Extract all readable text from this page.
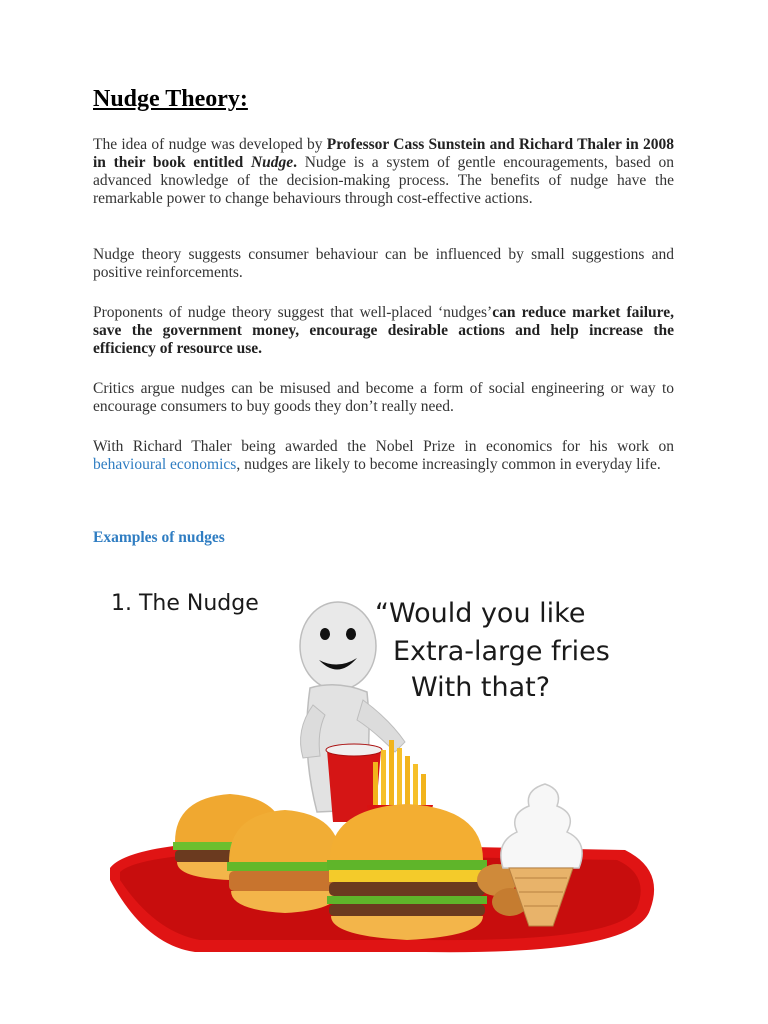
Nudge Theory:

The idea of nudge was developed by Professor Cass Sunstein and Richard Thaler in 2008 in their book entitled Nudge. Nudge is a system of gentle encouragements, based on advanced knowledge of the decision-making process. The benefits of nudge have the remarkable power to change behaviours through cost-effective actions.

Nudge theory suggests consumer behaviour can be influenced by small suggestions and positive reinforcements.

Proponents of nudge theory suggest that well-placed ‘nudges’can reduce market failure, save the government money, encourage desirable actions and help increase the efficiency of resource use.

Critics argue nudges can be misused and become a form of social engineering or way to encourage consumers to buy goods they don’t really need.

With Richard Thaler being awarded the Nobel Prize in economics for his work on behavioural economics, nudges are likely to become increasingly common in everyday life.

Examples of nudges
1. The Nudge	“Would you like
Extra-large fries
With that?
